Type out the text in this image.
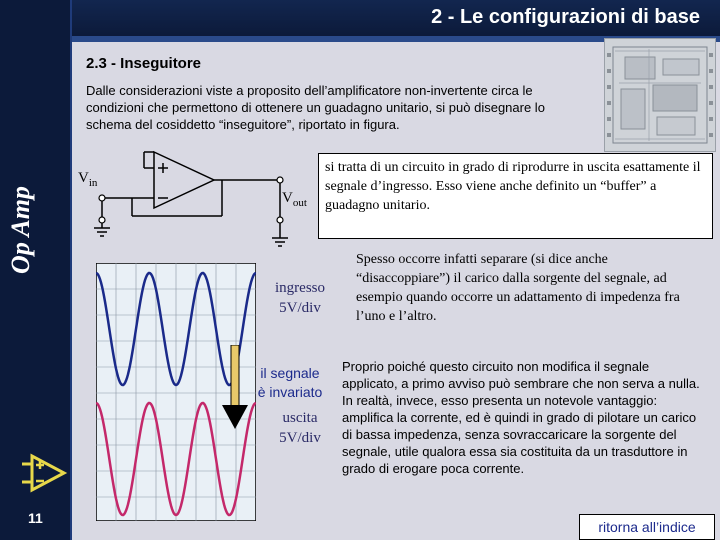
2 - Le configurazioni di base
Op Amp
2.3 - Inseguitore
Dalle considerazioni viste a proposito dell’amplificatore non-invertente circa le condizioni che permettono di ottenere un guadagno unitario, si può disegnare lo schema del cosiddetto “inseguitore”, riportato in figura.
$V_{in}$
$V_{out}$

si tratta di un circuito in grado di riprodurre in uscita esattamente il segnale d’ingresso. Esso viene anche definito un “buffer” a guadagno unitario.

ingresso
5V/div
il segnale
è invariato
uscita
5V/div
Spesso occorre infatti separare (si dice anche “disaccoppiare”) il carico dalla sorgente del segnale, ad esempio quando occorre un adattamento di impedenza fra l’uno e l’altro.
Proprio poiché questo circuito non modifica il segnale applicato, a primo avviso può sembrare che non serva a nulla. In realtà, invece, esso presenta un notevole vantaggio: amplifica la corrente, ed è quindi in grado di pilotare un carico di bassa impedenza, senza sovraccaricare la sorgente del segnale, utile qualora essa sia costituita da un trasduttore in grado di erogare poca corrente.
11
ritorna all’indice
